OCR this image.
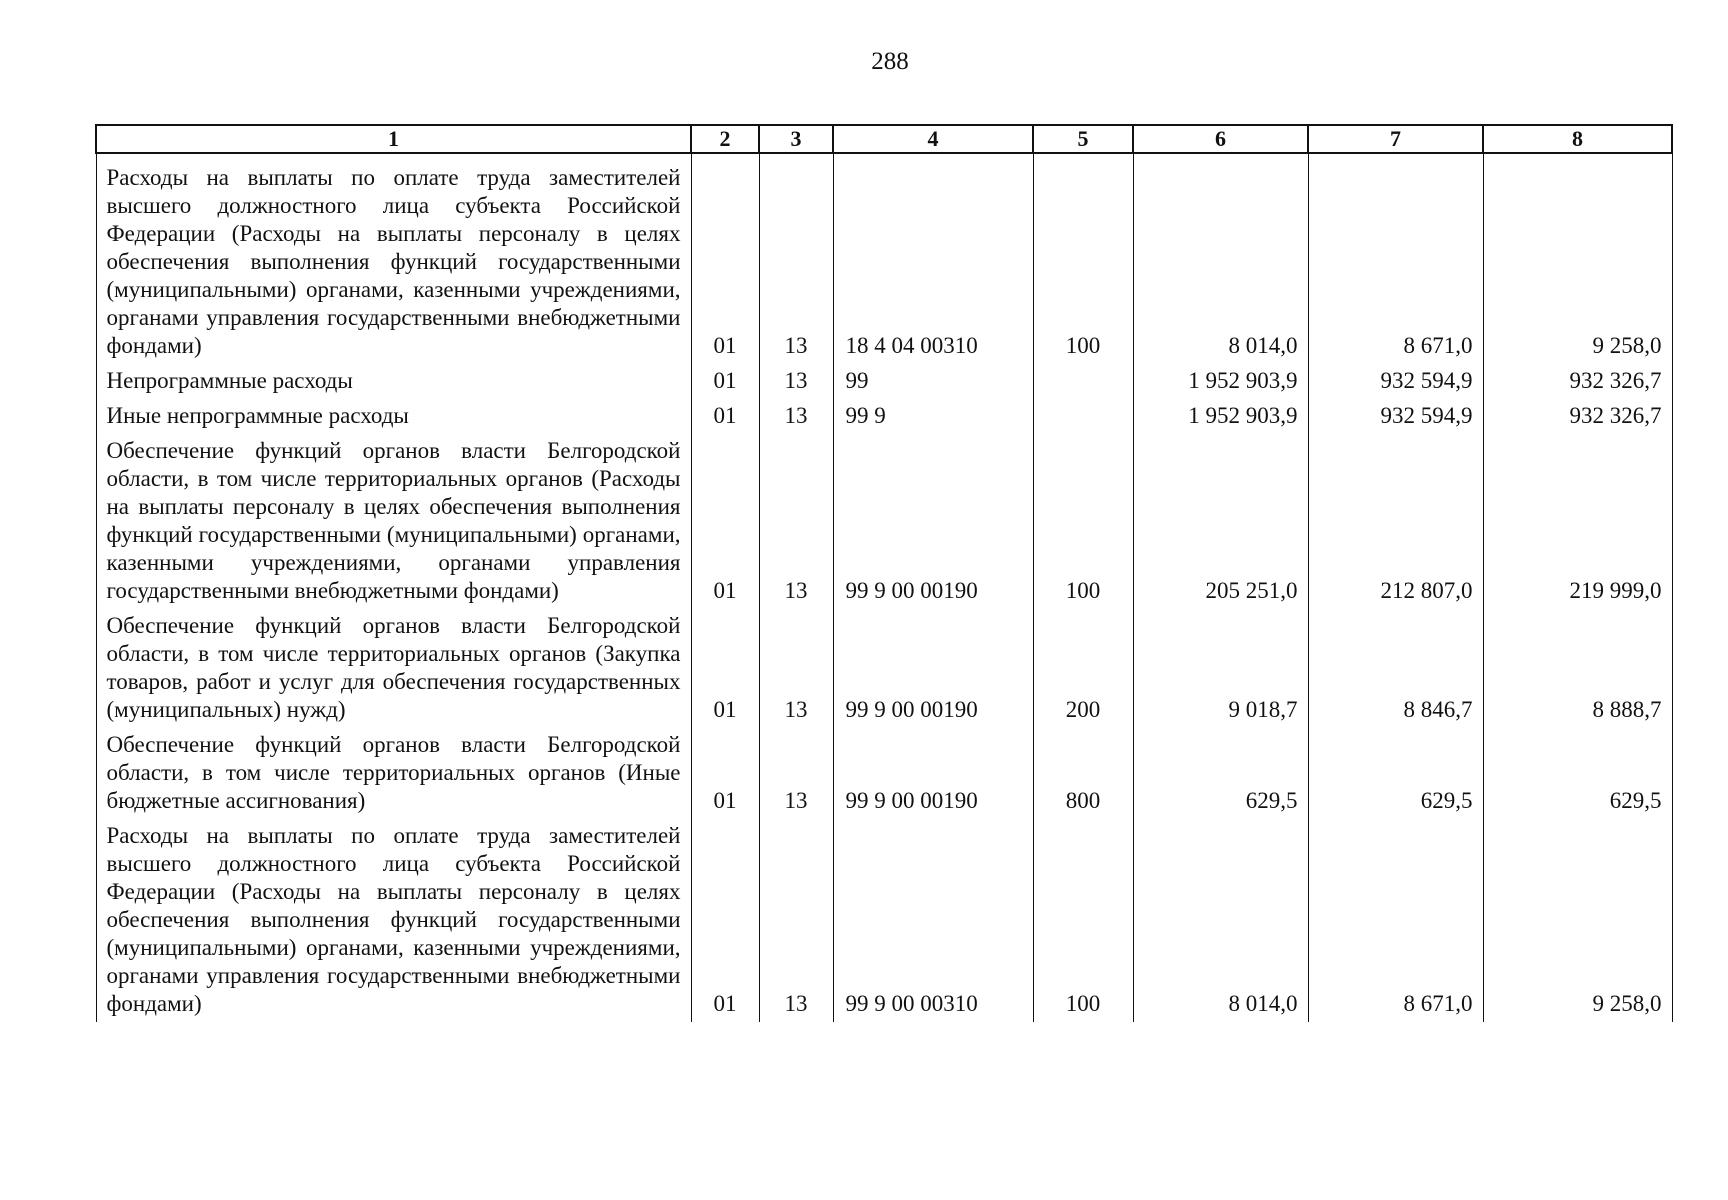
288
1	2	3	4	5	6	7	8
Расходы на выплаты по оплате труда заместителей высшего должностного лица субъекта Российской Федерации (Расходы на выплаты персоналу в целях обеспечения выполнения функций государственными (муниципальными) органами, казенными учреждениями, органами управления государственными внебюджетными фондами)	01	13	18 4 04 00310	100	8 014,0	8 671,0	9 258,0
Непрограммные расходы	01	13	99		1 952 903,9	932 594,9	932 326,7
Иные непрограммные расходы	01	13	99 9		1 952 903,9	932 594,9	932 326,7
Обеспечение функций органов власти Белгородской области, в том числе территориальных органов (Расходы на выплаты персоналу в целях обеспечения выполнения функций государственными (муниципальными) органами, казенными учреждениями, органами управления государственными внебюджетными фондами)	01	13	99 9 00 00190	100	205 251,0	212 807,0	219 999,0
Обеспечение функций органов власти Белгородской области, в том числе территориальных органов (Закупка товаров, работ и услуг для обеспечения государственных (муниципальных) нужд)	01	13	99 9 00 00190	200	9 018,7	8 846,7	8 888,7
Обеспечение функций органов власти Белгородской области, в том числе территориальных органов (Иные бюджетные ассигнования)	01	13	99 9 00 00190	800	629,5	629,5	629,5
Расходы на выплаты по оплате труда заместителей высшего должностного лица субъекта Российской Федерации (Расходы на выплаты персоналу в целях обеспечения выполнения функций государственными (муниципальными) органами, казенными учреждениями, органами управления государственными внебюджетными фондами)	01	13	99 9 00 00310	100	8 014,0	8 671,0	9 258,0
